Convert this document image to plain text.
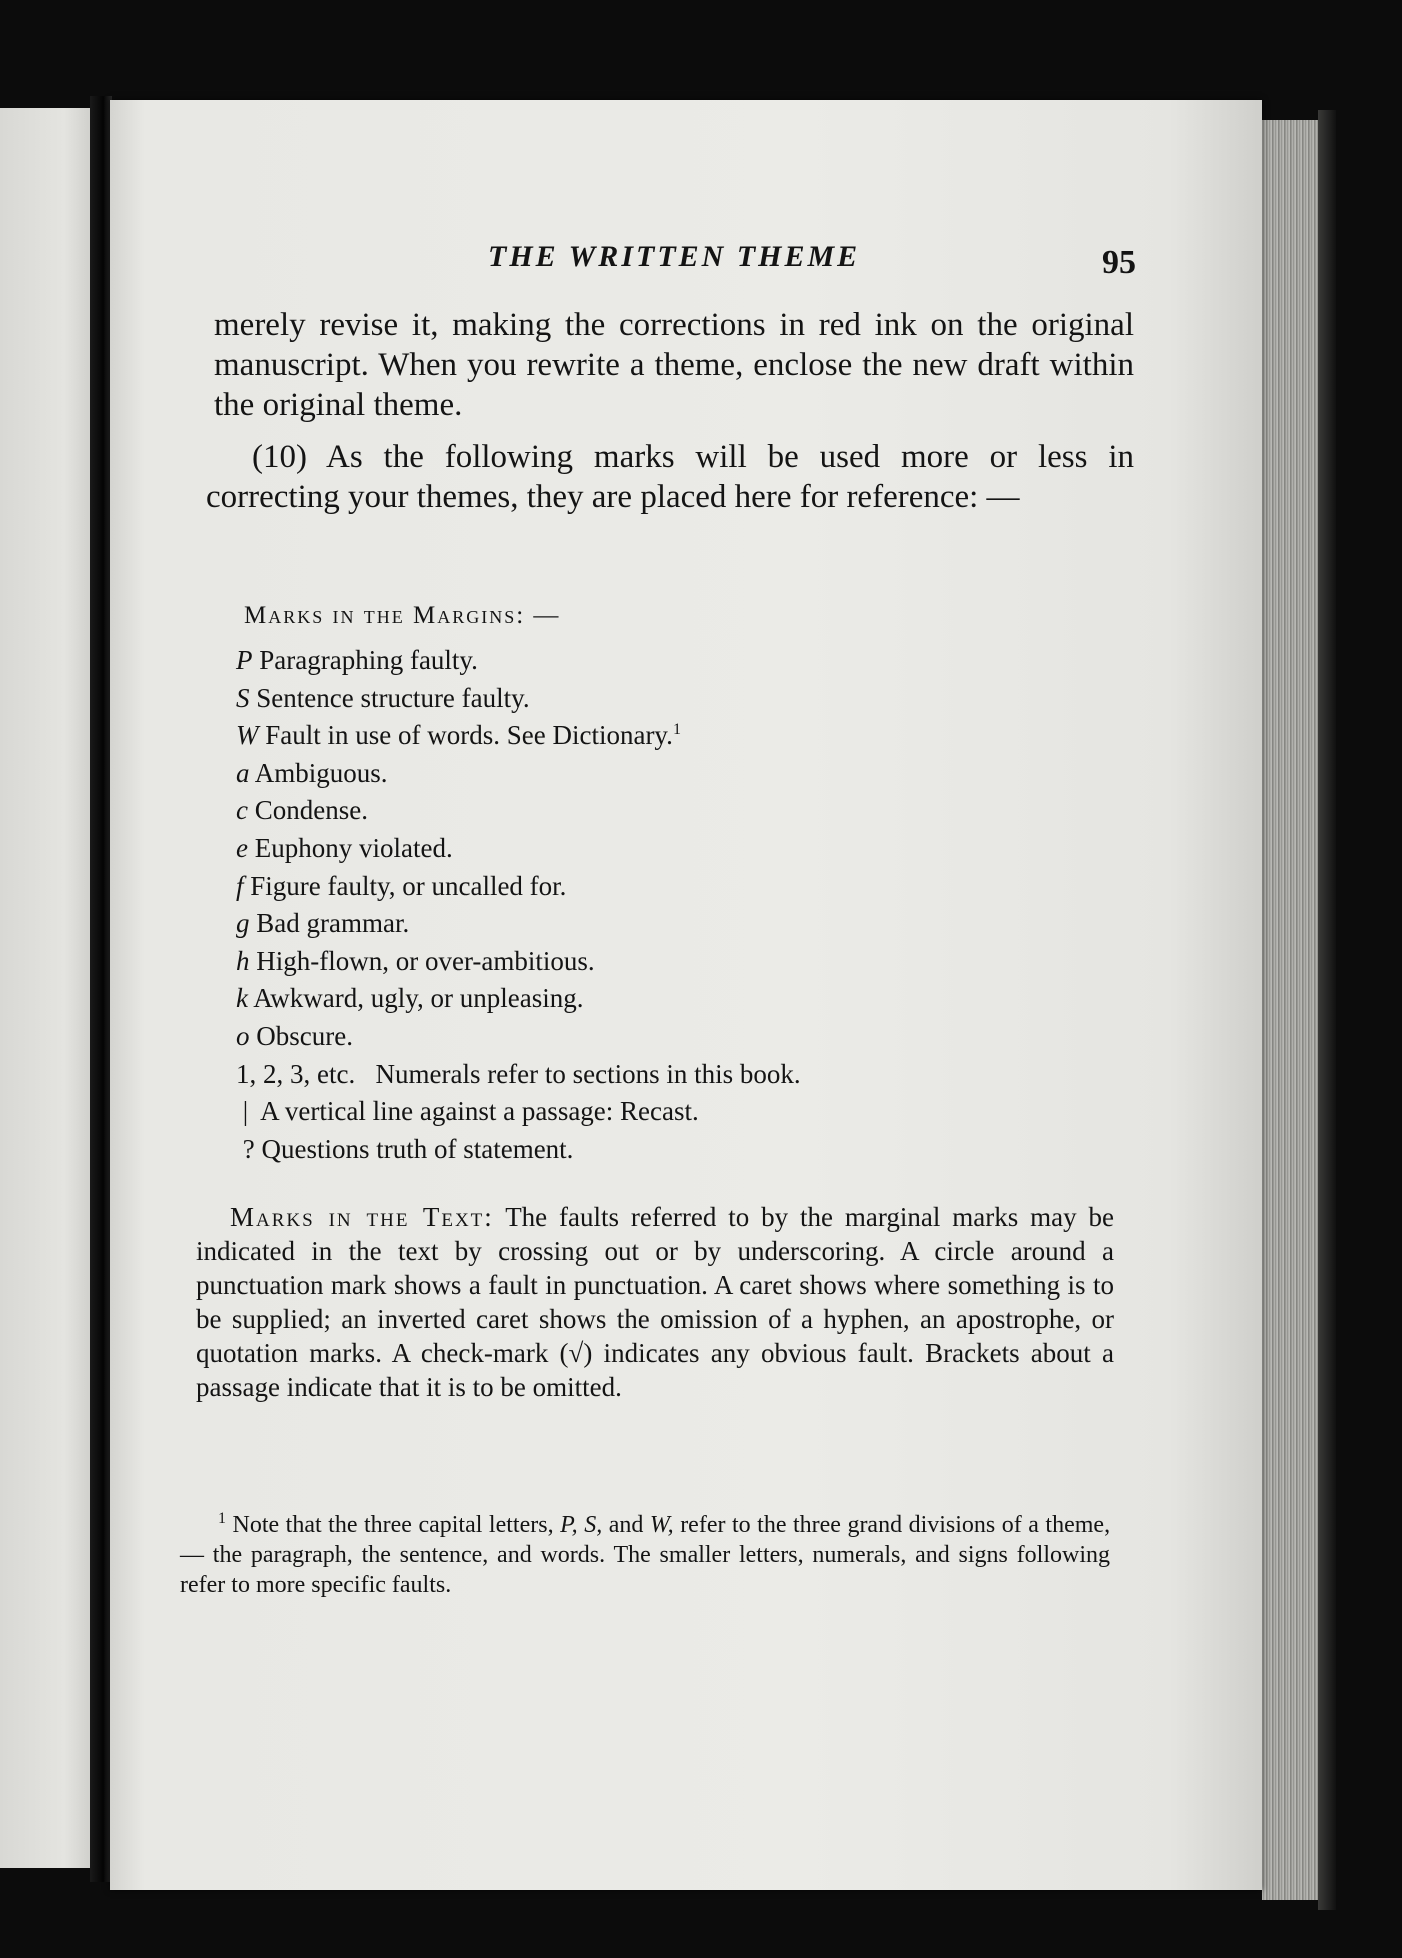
THE WRITTEN THEME	95

merely revise it, making the corrections in red ink on the original manuscript. When you rewrite a theme, enclose the new draft within the original theme.

(10) As the following marks will be used more or less in correcting your themes, they are placed here for reference: —

Marks in the Margins: —
P Paragraphing faulty.
S Sentence structure faulty.
W Fault in use of words. See Dictionary.$^1$
a Ambiguous.
c Condense.
e Euphony violated.
f Figure faulty, or uncalled for.
g Bad grammar.
h High-flown, or over-ambitious.
k Awkward, ugly, or unpleasing.
o Obscure.
1, 2, 3, etc. Numerals refer to sections in this book.
| A vertical line against a passage: Recast.
? Questions truth of statement.

Marks in the Text: The faults referred to by the marginal marks may be indicated in the text by crossing out or by underscoring. A circle around a punctuation mark shows a fault in punctuation. A caret shows where something is to be supplied; an inverted caret shows the omission of a hyphen, an apostrophe, or quotation marks. A check-mark (√) indicates any obvious fault. Brackets about a passage indicate that it is to be omitted.

$^1$ Note that the three capital letters, P, S, and W, refer to the three grand divisions of a theme, — the paragraph, the sentence, and words. The smaller letters, numerals, and signs following refer to more specific faults.
